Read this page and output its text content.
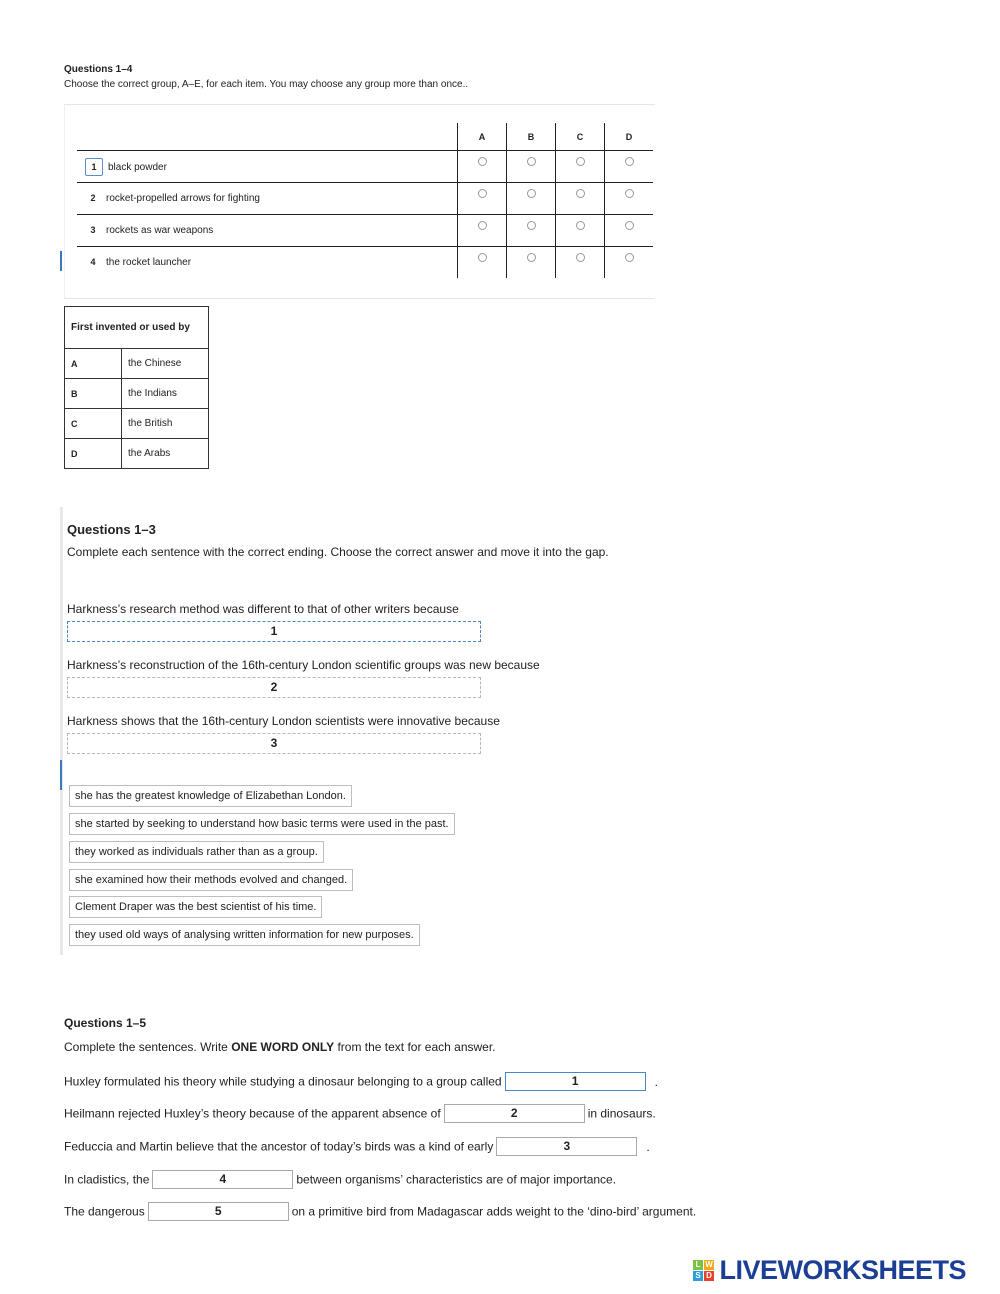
Questions 1–4

Choose the correct group, A–E, for each item. You may choose any group more than once..

	A	B	C	D
1 black powder				
2 rocket-propelled arrows for fighting				
3 rockets as war weapons				
4 the rocket launcher				
First invented or used by	
A	the Chinese
B	the Indians
C	the British
D	the Arabs
Questions 1–3
Complete each sentence with the correct ending. Choose the correct answer and move it into the gap.
Harkness’s research method was different to that of other writers because
1
Harkness’s reconstruction of the 16th-century London scientific groups was new because
2
Harkness shows that the 16th-century London scientists were innovative because
3
she has the greatest knowledge of Elizabethan London.
she started by seeking to understand how basic terms were used in the past.
they worked as individuals rather than as a group.
she examined how their methods evolved and changed.
Clement Draper was the best scientist of his time.
they used old ways of analysing written information for new purposes.
Questions 1–5
Complete the sentences. Write ONE WORD ONLY from the text for each answer.
Huxley formulated his theory while studying a dinosaur belonging to a group called	1	.
Heilmann rejected Huxley’s theory because of the apparent absence of	2	in dinosaurs.
Feduccia and Martin believe that the ancestor of today’s birds was a kind of early	3	.
In cladistics, the	4	between organisms’ characteristics are of major importance.
The dangerous	5	on a primitive bird from Madagascar adds weight to the ‘dino-bird’ argument.
L W
S D LIVEWORKSHEETS
